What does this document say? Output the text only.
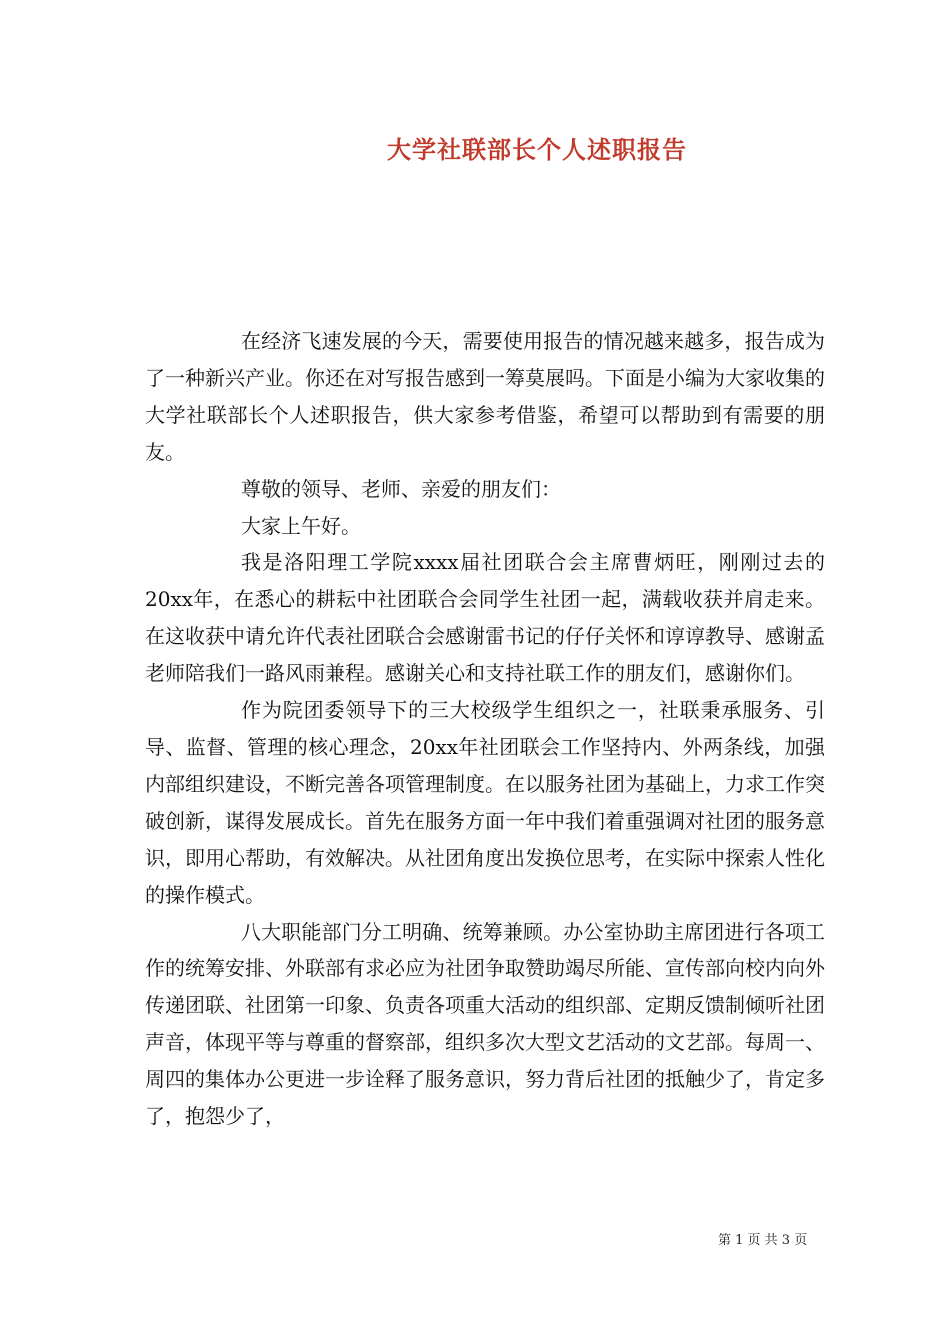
大学社联部长个人述职报告

在经济飞速发展的今天，需要使用报告的情况越来越多，报告成为了一种新兴产业。你还在对写报告感到一筹莫展吗。下面是小编为大家收集的大学社联部长个人述职报告，供大家参考借鉴，希望可以帮助到有需要的朋友。

尊敬的领导、老师、亲爱的朋友们：

大家上午好。

我是洛阳理工学院xxxx届社团联合会主席曹炳旺，刚刚过去的20xx年，在悉心的耕耘中社团联合会同学生社团一起，满载收获并肩走来。在这收获中请允许代表社团联合会感谢雷书记的仔仔关怀和谆谆教导、感谢孟老师陪我们一路风雨兼程。感谢关心和支持社联工作的朋友们，感谢你们。

作为院团委领导下的三大校级学生组织之一，社联秉承服务、引导、监督、管理的核心理念，20xx年社团联会工作坚持内、外两条线，加强内部组织建设，不断完善各项管理制度。在以服务社团为基础上，力求工作突破创新，谋得发展成长。首先在服务方面一年中我们着重强调对社团的服务意识，即用心帮助，有效解决。从社团角度出发换位思考，在实际中探索人性化的操作模式。

八大职能部门分工明确、统筹兼顾。办公室协助主席团进行各项工作的统筹安排、外联部有求必应为社团争取赞助竭尽所能、宣传部向校内向外传递团联、社团第一印象、负责各项重大活动的组织部、定期反馈制倾听社团声音，体现平等与尊重的督察部，组织多次大型文艺活动的文艺部。每周一、周四的集体办公更进一步诠释了服务意识，努力背后社团的抵触少了，肯定多了，抱怨少了，

第 1 页 共 3 页
